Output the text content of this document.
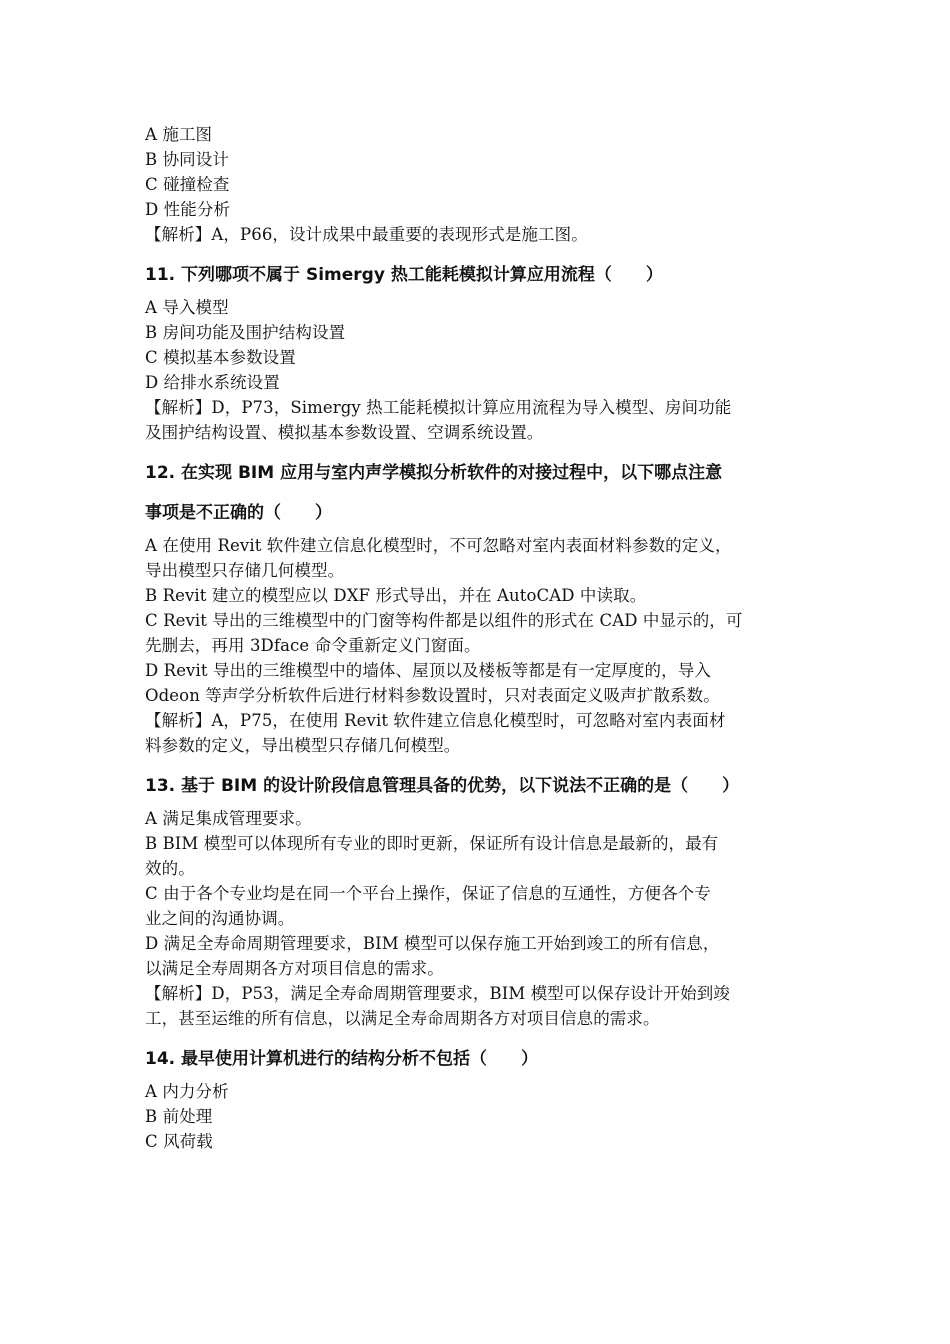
A 施工图
B 协同设计
C 碰撞检查
D 性能分析
【解析】A，P66，设计成果中最重要的表现形式是施工图。
11. 下列哪项不属于 Simergy 热工能耗模拟计算应用流程（　　）
A 导入模型
B 房间功能及围护结构设置
C 模拟基本参数设置
D 给排水系统设置
【解析】D，P73，Simergy 热工能耗模拟计算应用流程为导入模型、房间功能
及围护结构设置、模拟基本参数设置、空调系统设置。
12. 在实现 BIM 应用与室内声学模拟分析软件的对接过程中，以下哪点注意
事项是不正确的（　　）
A 在使用 Revit 软件建立信息化模型时，不可忽略对室内表面材料参数的定义，
导出模型只存储几何模型。
B Revit 建立的模型应以 DXF 形式导出，并在 AutoCAD 中读取。
C Revit 导出的三维模型中的门窗等构件都是以组件的形式在 CAD 中显示的，可
先删去，再用 3Dface 命令重新定义门窗面。
D Revit 导出的三维模型中的墙体、屋顶以及楼板等都是有一定厚度的，导入
Odeon 等声学分析软件后进行材料参数设置时，只对表面定义吸声扩散系数。
【解析】A，P75，在使用 Revit 软件建立信息化模型时，可忽略对室内表面材
料参数的定义，导出模型只存储几何模型。
13. 基于 BIM 的设计阶段信息管理具备的优势，以下说法不正确的是（　　）
A 满足集成管理要求。
B BIM 模型可以体现所有专业的即时更新，保证所有设计信息是最新的，最有
效的。
C 由于各个专业均是在同一个平台上操作，保证了信息的互通性，方便各个专
业之间的沟通协调。
D 满足全寿命周期管理要求，BIM 模型可以保存施工开始到竣工的所有信息，
以满足全寿周期各方对项目信息的需求。
【解析】D，P53，满足全寿命周期管理要求，BIM 模型可以保存设计开始到竣
工，甚至运维的所有信息，以满足全寿命周期各方对项目信息的需求。
14. 最早使用计算机进行的结构分析不包括（　　）
A 内力分析
B 前处理
C 风荷载
